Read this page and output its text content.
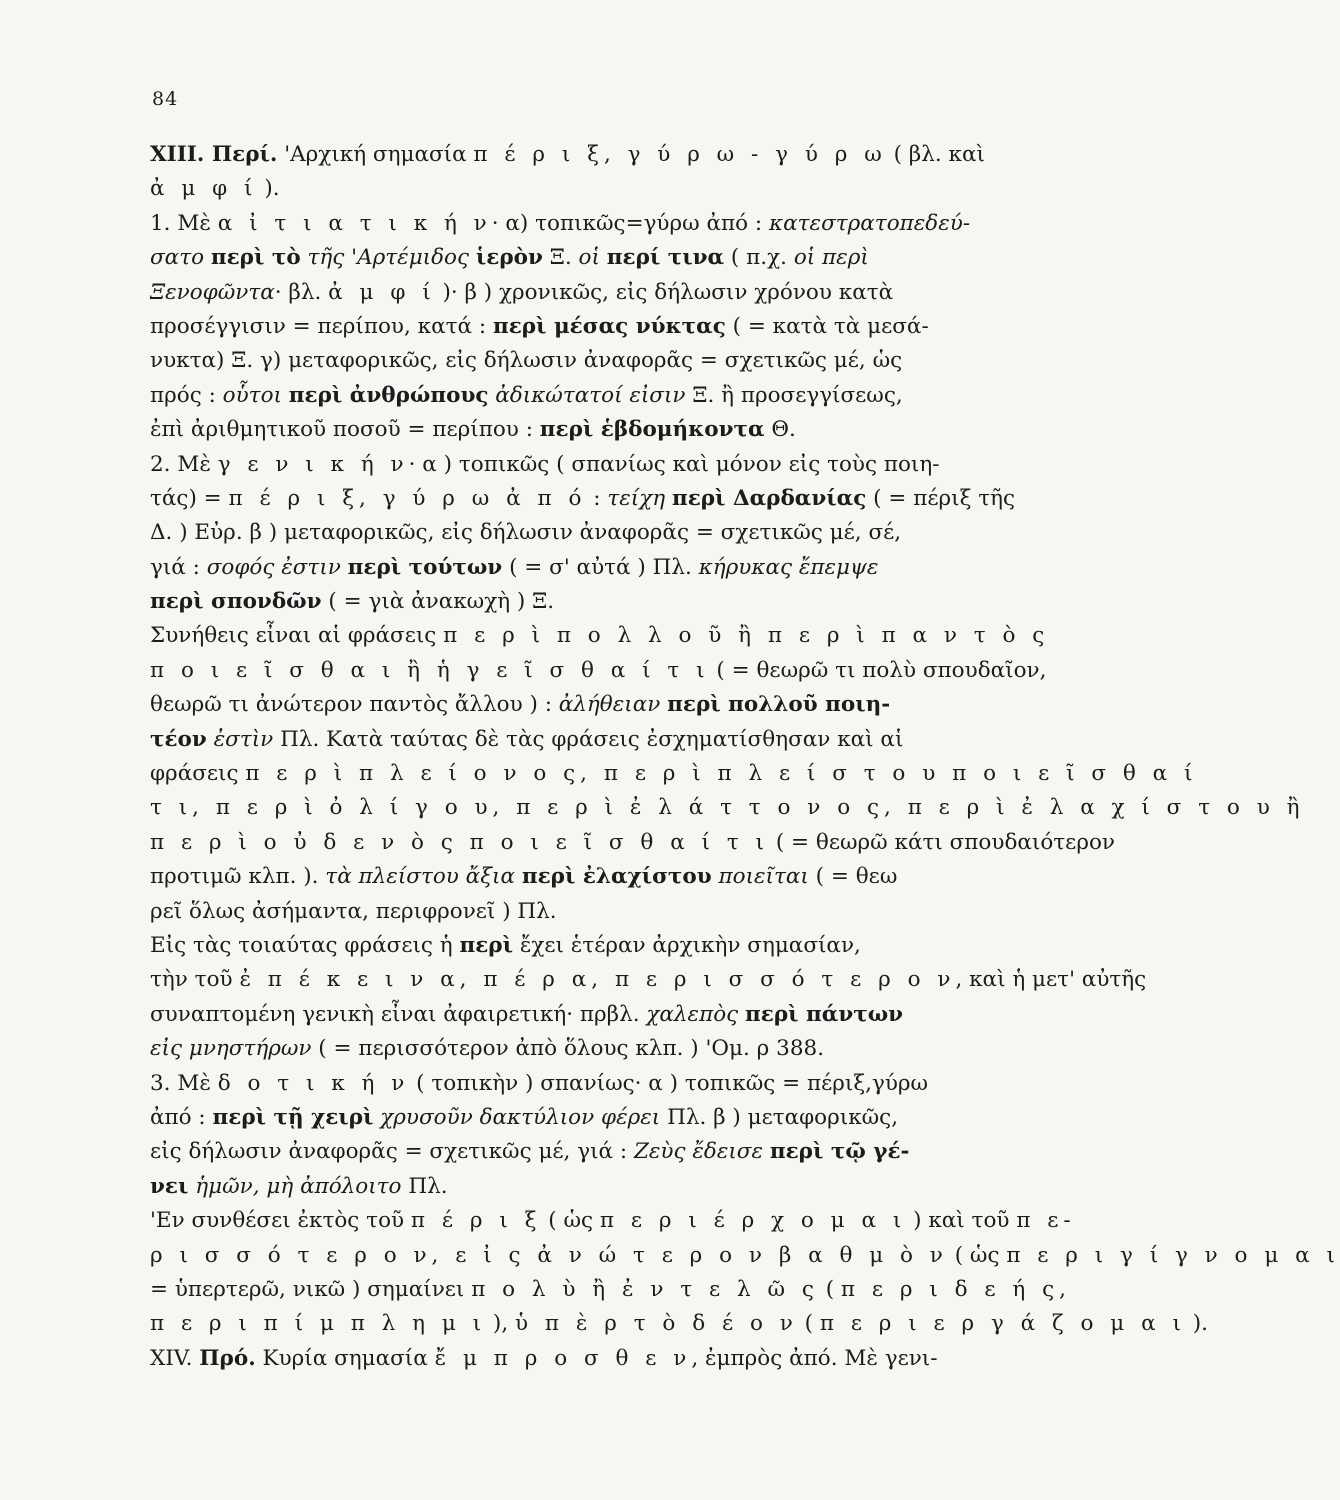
84
XIII. Περί. 'Αρχική σημασία π έ ρ ι ξ, γ ύ ρ ω - γ ύ ρ ω ( βλ. καὶ
ἀ μ φ ί ).
1. Μὲ α ἰ τ ι α τ ι κ ή ν· α) τοπικῶς=γύρω ἀπό : κατεστρατοπεδεύ-
σατο περὶ τὸ τῆς 'Αρτέμιδος ἱερὸν Ξ. οἱ περί τινα ( π.χ. οἱ περὶ
Ξενοφῶντα· βλ. ἀ μ φ ί )· β ) χρονικῶς, εἰς δήλωσιν χρόνου κατὰ
προσέγγισιν = περίπου, κατά : περὶ μέσας νύκτας ( = κατὰ τὰ μεσά-
νυκτα) Ξ. γ) μεταφορικῶς, εἰς δήλωσιν ἀναφορᾶς = σχετικῶς μέ, ὡς
πρός : οὗτοι περὶ ἀνθρώπους ἀδικώτατοί εἰσιν Ξ. ἢ προσεγγίσεως,
ἐπὶ ἀριθμητικοῦ ποσοῦ = περίπου : περὶ ἑβδομήκοντα Θ.
2. Μὲ γ ε ν ι κ ή ν· α ) τοπικῶς ( σπανίως καὶ μόνον εἰς τοὺς ποιη-
τάς) = π έ ρ ι ξ, γ ύ ρ ω ἀ π ό : τείχη περὶ Δαρδανίας ( = πέριξ τῆς
Δ. ) Εὐρ. β ) μεταφορικῶς, εἰς δήλωσιν ἀναφορᾶς = σχετικῶς μέ, σέ,
γιά : σοφός ἐστιν περὶ τούτων ( = σ' αὐτά ) Πλ. κήρυκας ἔπεμψε
περὶ σπονδῶν ( = γιὰ ἀνακωχὴ ) Ξ.
Συνήθεις εἶναι αἱ φράσεις π ε ρ ὶ π ο λ λ ο ῦ ἢ π ε ρ ὶ π α ν τ ὸ ς
π ο ι ε ῖ σ θ α ι ἢ ἡ γ ε ῖ σ θ α ί τ ι ( = θεωρῶ τι πολὺ σπουδαῖον,
θεωρῶ τι ἀνώτερον παντὸς ἄλλου ) : ἀλήθειαν περὶ πολλοῦ ποιη-
τέον ἐστὶν Πλ. Κατὰ ταύτας δὲ τὰς φράσεις ἐσχηματίσθησαν καὶ αἱ
φράσεις π ε ρ ὶ π λ ε ί ο ν ο ς, π ε ρ ὶ π λ ε ί σ τ ο υ π ο ι ε ῖ σ θ α ί
τ ι, π ε ρ ὶ ὀ λ ί γ ο υ, π ε ρ ὶ ἐ λ ά τ τ ο ν ο ς, π ε ρ ὶ ἐ λ α χ ί σ τ ο υ ἢ
π ε ρ ὶ ο ὐ δ ε ν ὸ ς π ο ι ε ῖ σ θ α ί τ ι ( = θεωρῶ κάτι σπουδαιότερον
προτιμῶ κλπ. ). τὰ πλείστου ἄξια περὶ ἐλαχίστου ποιεῖται ( = θεω
ρεῖ ὅλως ἀσήμαντα, περιφρονεῖ ) Πλ.
Εἰς τὰς τοιαύτας φράσεις ἡ περὶ ἔχει ἑτέραν ἀρχικὴν σημασίαν,
τὴν τοῦ ἐ π έ κ ε ι ν α, π έ ρ α, π ε ρ ι σ σ ό τ ε ρ ο ν, καὶ ἡ μετ' αὐτῆς
συναπτομένη γενικὴ εἶναι ἀφαιρετική· πρβλ. χαλεπὸς περὶ πάντων
εἰς μνηστήρων ( = περισσότερον ἀπὸ ὅλους κλπ. ) 'Ομ. ρ 388.
3. Μὲ δ ο τ ι κ ή ν ( τοπικὴν ) σπανίως· α ) τοπικῶς = πέριξ,γύρω
ἀπό : περὶ τῇ χειρὶ χρυσοῦν δακτύλιον φέρει Πλ. β ) μεταφορικῶς,
εἰς δήλωσιν ἀναφορᾶς = σχετικῶς μέ, γιά : Ζεὺς ἔδεισε περὶ τῷ γέ-
νει ἡμῶν, μὴ ἀπόλοιτο Πλ.
'Εν συνθέσει ἐκτὸς τοῦ π έ ρ ι ξ ( ὡς π ε ρ ι έ ρ χ ο μ α ι ) καὶ τοῦ π ε-
ρ ι σ σ ό τ ε ρ ο ν, ε ἰ ς ἀ ν ώ τ ε ρ ο ν β α θ μ ὸ ν ( ὡς π ε ρ ι γ ί γ ν ο μ α ι
= ὑπερτερῶ, νικῶ ) σημαίνει π ο λ ὺ ἢ ἐ ν τ ε λ ῶ ς ( π ε ρ ι δ ε ή ς,
π ε ρ ι π ί μ π λ η μ ι ), ὑ π ὲ ρ τ ὸ δ έ ο ν ( π ε ρ ι ε ρ γ ά ζ ο μ α ι ).
XIV. Πρό. Κυρία σημασία ἔ μ π ρ ο σ θ ε ν, ἐμπρὸς ἀπό. Μὲ γενι-
